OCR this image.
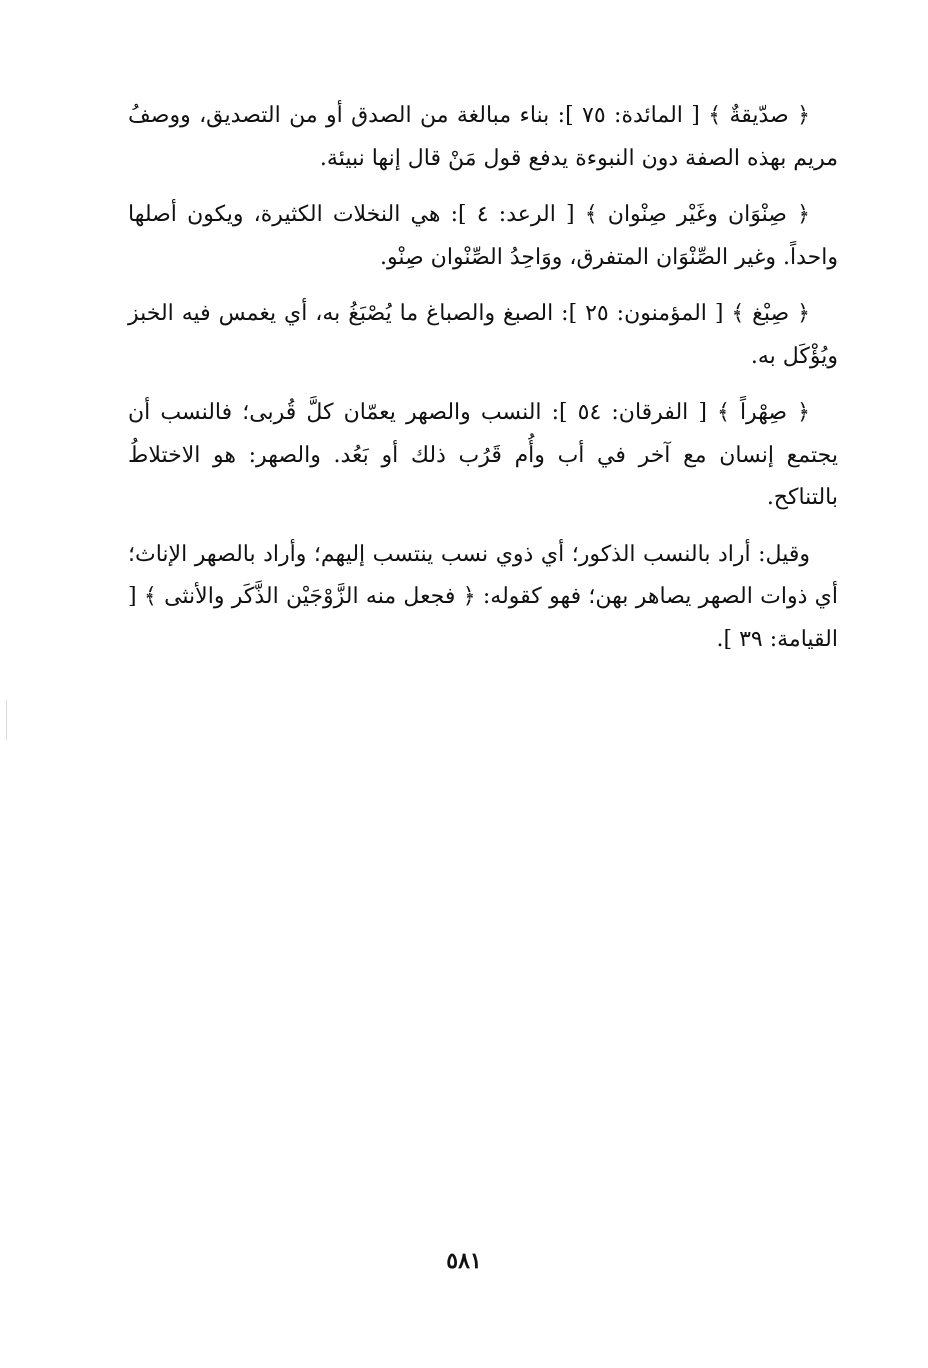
﴿ صدّيقةٌ ﴾ [ المائدة: ٧٥ ]: بناء مبالغة من الصدق أو من التصديق، ووصفُ مريم بهذه الصفة دون النبوءة يدفع قول مَنْ قال إنها نبيئة.

﴿ صِنْوَان وغَيْر صِنْوان ﴾ [ الرعد: ٤ ]: هي النخلات الكثيرة، ويكون أصلها واحداً. وغير الصِّنْوَان المتفرق، ووَاحِدُ الصِّنْوان صِنْو.

﴿ صِبْغ ﴾ [ المؤمنون: ٢٥ ]: الصبغ والصباغ ما يُصْبَغُ به، أي يغمس فيه الخبز ويُؤْكَل به.

﴿ صِهْراً ﴾ [ الفرقان: ٥٤ ]: النسب والصهر يعمّان كلَّ قُربى؛ فالنسب أن يجتمع إنسان مع آخر في أب وأُم قَرُب ذلك أو بَعُد. والصهر: هو الاختلاطُ بالتناكح.

وقيل: أراد بالنسب الذكور؛ أي ذوي نسب ينتسب إليهم؛ وأراد بالصهر الإناث؛ أي ذوات الصهر يصاهر بهن؛ فهو كقوله: ﴿ فجعل منه الزَّوْجَيْن الذَّكَر والأنثى ﴾ [ القيامة: ٣٩ ].

٥٨١
